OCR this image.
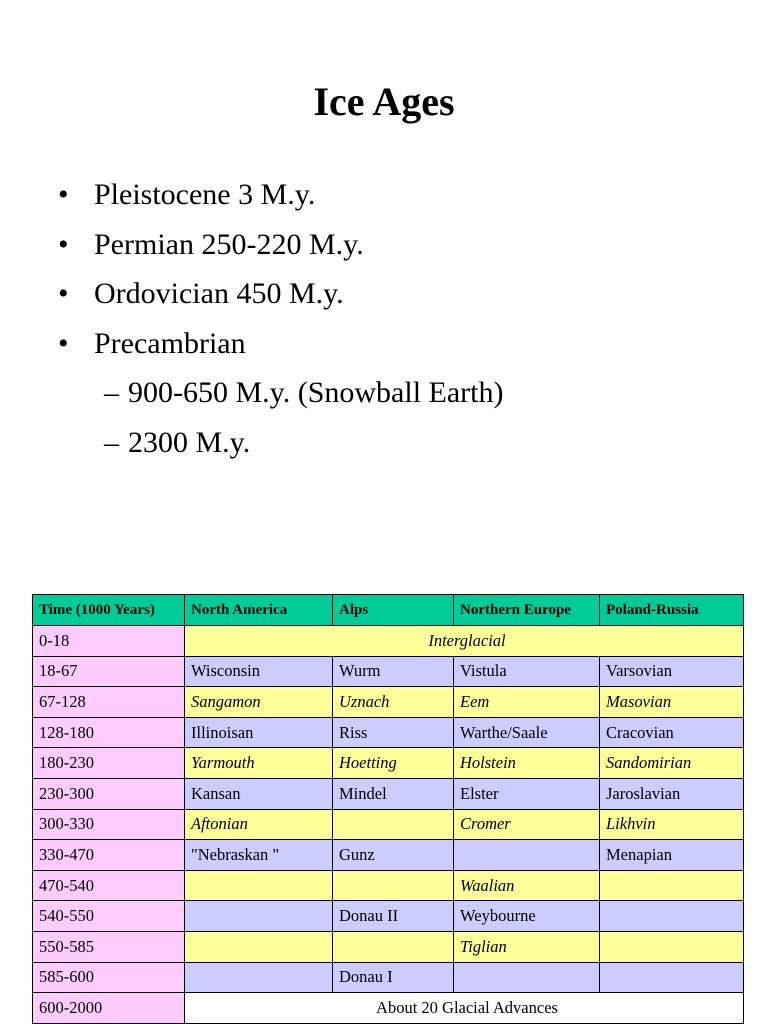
Ice Ages
• Pleistocene 3 M.y.
• Permian 250-220 M.y.
• Ordovician 450 M.y.
• Precambrian
– 900-650 M.y. (Snowball Earth)
– 2300 M.y.
Time (1000 Years)	North America	Alps	Northern Europe	Poland-Russia
0-18	Interglacial			
18-67	Wisconsin	Wurm	Vistula	Varsovian
67-128	Sangamon	Uznach	Eem	Masovian
128-180	Illinoisan	Riss	Warthe/Saale	Cracovian
180-230	Yarmouth	Hoetting	Holstein	Sandomirian
230-300	Kansan	Mindel	Elster	Jaroslavian
300-330	Aftonian		Cromer	Likhvin
330-470	"Nebraskan "	Gunz		Menapian
470-540			Waalian	
540-550		Donau II	Weybourne	
550-585			Tiglian	
585-600		Donau I		
600-2000	About 20 Glacial Advances			
